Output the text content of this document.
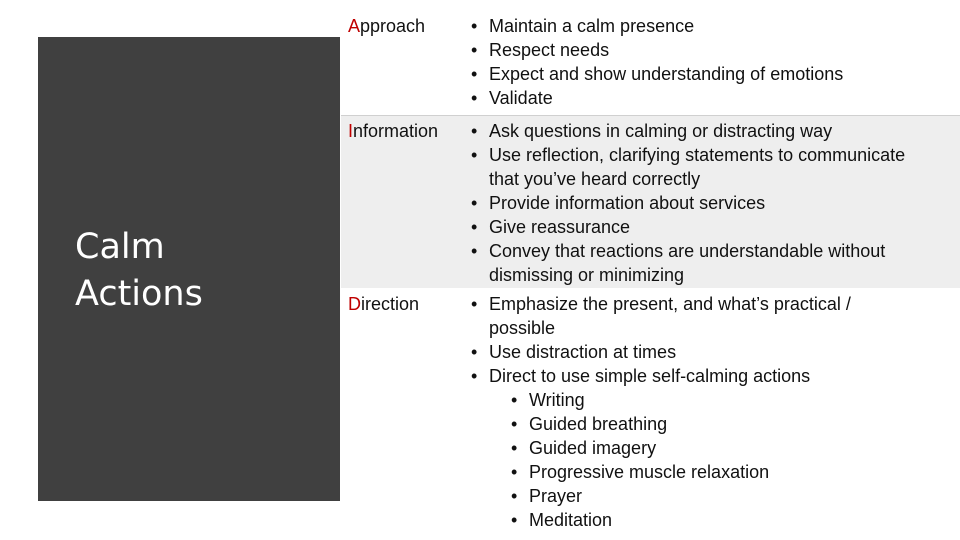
Calm
Actions
Approach	• Maintain a calm presence
• Respect needs
• Expect and show understanding of emotions
• Validate
Information • Ask questions in calming or distracting way
• Use reflection, clarifying statements to communicate
that you’ve heard correctly
• Provide information about services
• Give reassurance
• Convey that reactions are understandable without
dismissing or minimizing
Direction	• Emphasize the present, and what’s practical /
possible
• Use distraction at times
• Direct to use simple self-calming actions
• Writing
• Guided breathing
• Guided imagery
• Progressive muscle relaxation
• Prayer
• Meditation
